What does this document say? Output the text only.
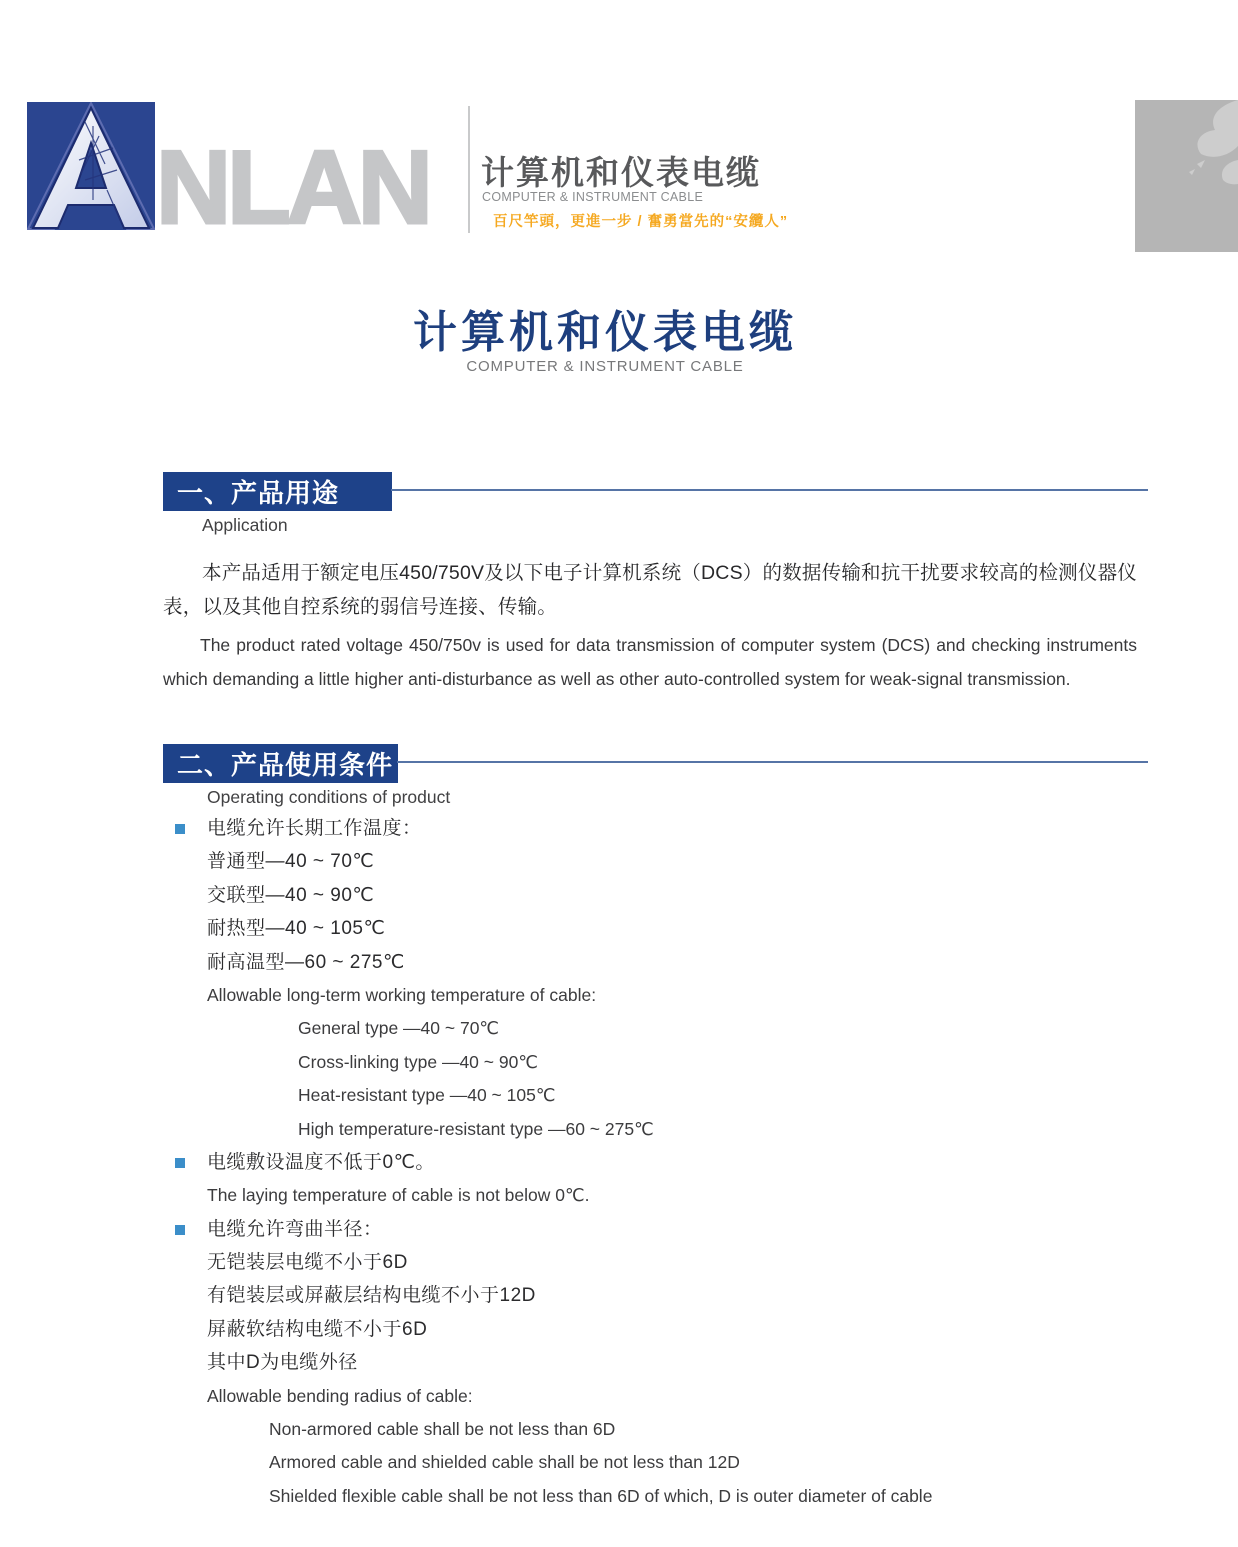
NLAN 计算机和仪表电缆
COMPUTER & INSTRUMENT CABLE
百尺竿頭，更進一步 / 奮勇當先的“安纜人”
计算机和仪表电缆
COMPUTER & INSTRUMENT CABLE
一、产品用途
Application
本产品适用于额定电压450/750V及以下电子计算机系统（DCS）的数据传输和抗干扰要求较高的检测仪器仪表，以及其他自控系统的弱信号连接、传输。
The product rated voltage 450/750v is used for data transmission of computer system (DCS) and checking instruments which demanding a little higher anti-disturbance as well as other auto-controlled system for weak-signal transmission.
二、产品使用条件
Operating conditions of product
电缆允许长期工作温度：
普通型—40 ~ 70℃
交联型—40 ~ 90℃
耐热型—40 ~ 105℃
耐高温型—60 ~ 275℃
Allowable long-term working temperature of cable:
General type —40 ~ 70℃
Cross-linking type —40 ~ 90℃
Heat-resistant type —40 ~ 105℃
High temperature-resistant type —60 ~ 275℃
电缆敷设温度不低于0℃。
The laying temperature of cable is not below 0℃.
电缆允许弯曲半径：
无铠装层电缆不小于6D
有铠装层或屏蔽层结构电缆不小于12D
屏蔽软结构电缆不小于6D
其中D为电缆外径
Allowable bending radius of cable:
Non-armored cable shall be not less than 6D
Armored cable and shielded cable shall be not less than 12D
Shielded flexible cable shall be not less than 6D of which, D is outer diameter of cable
